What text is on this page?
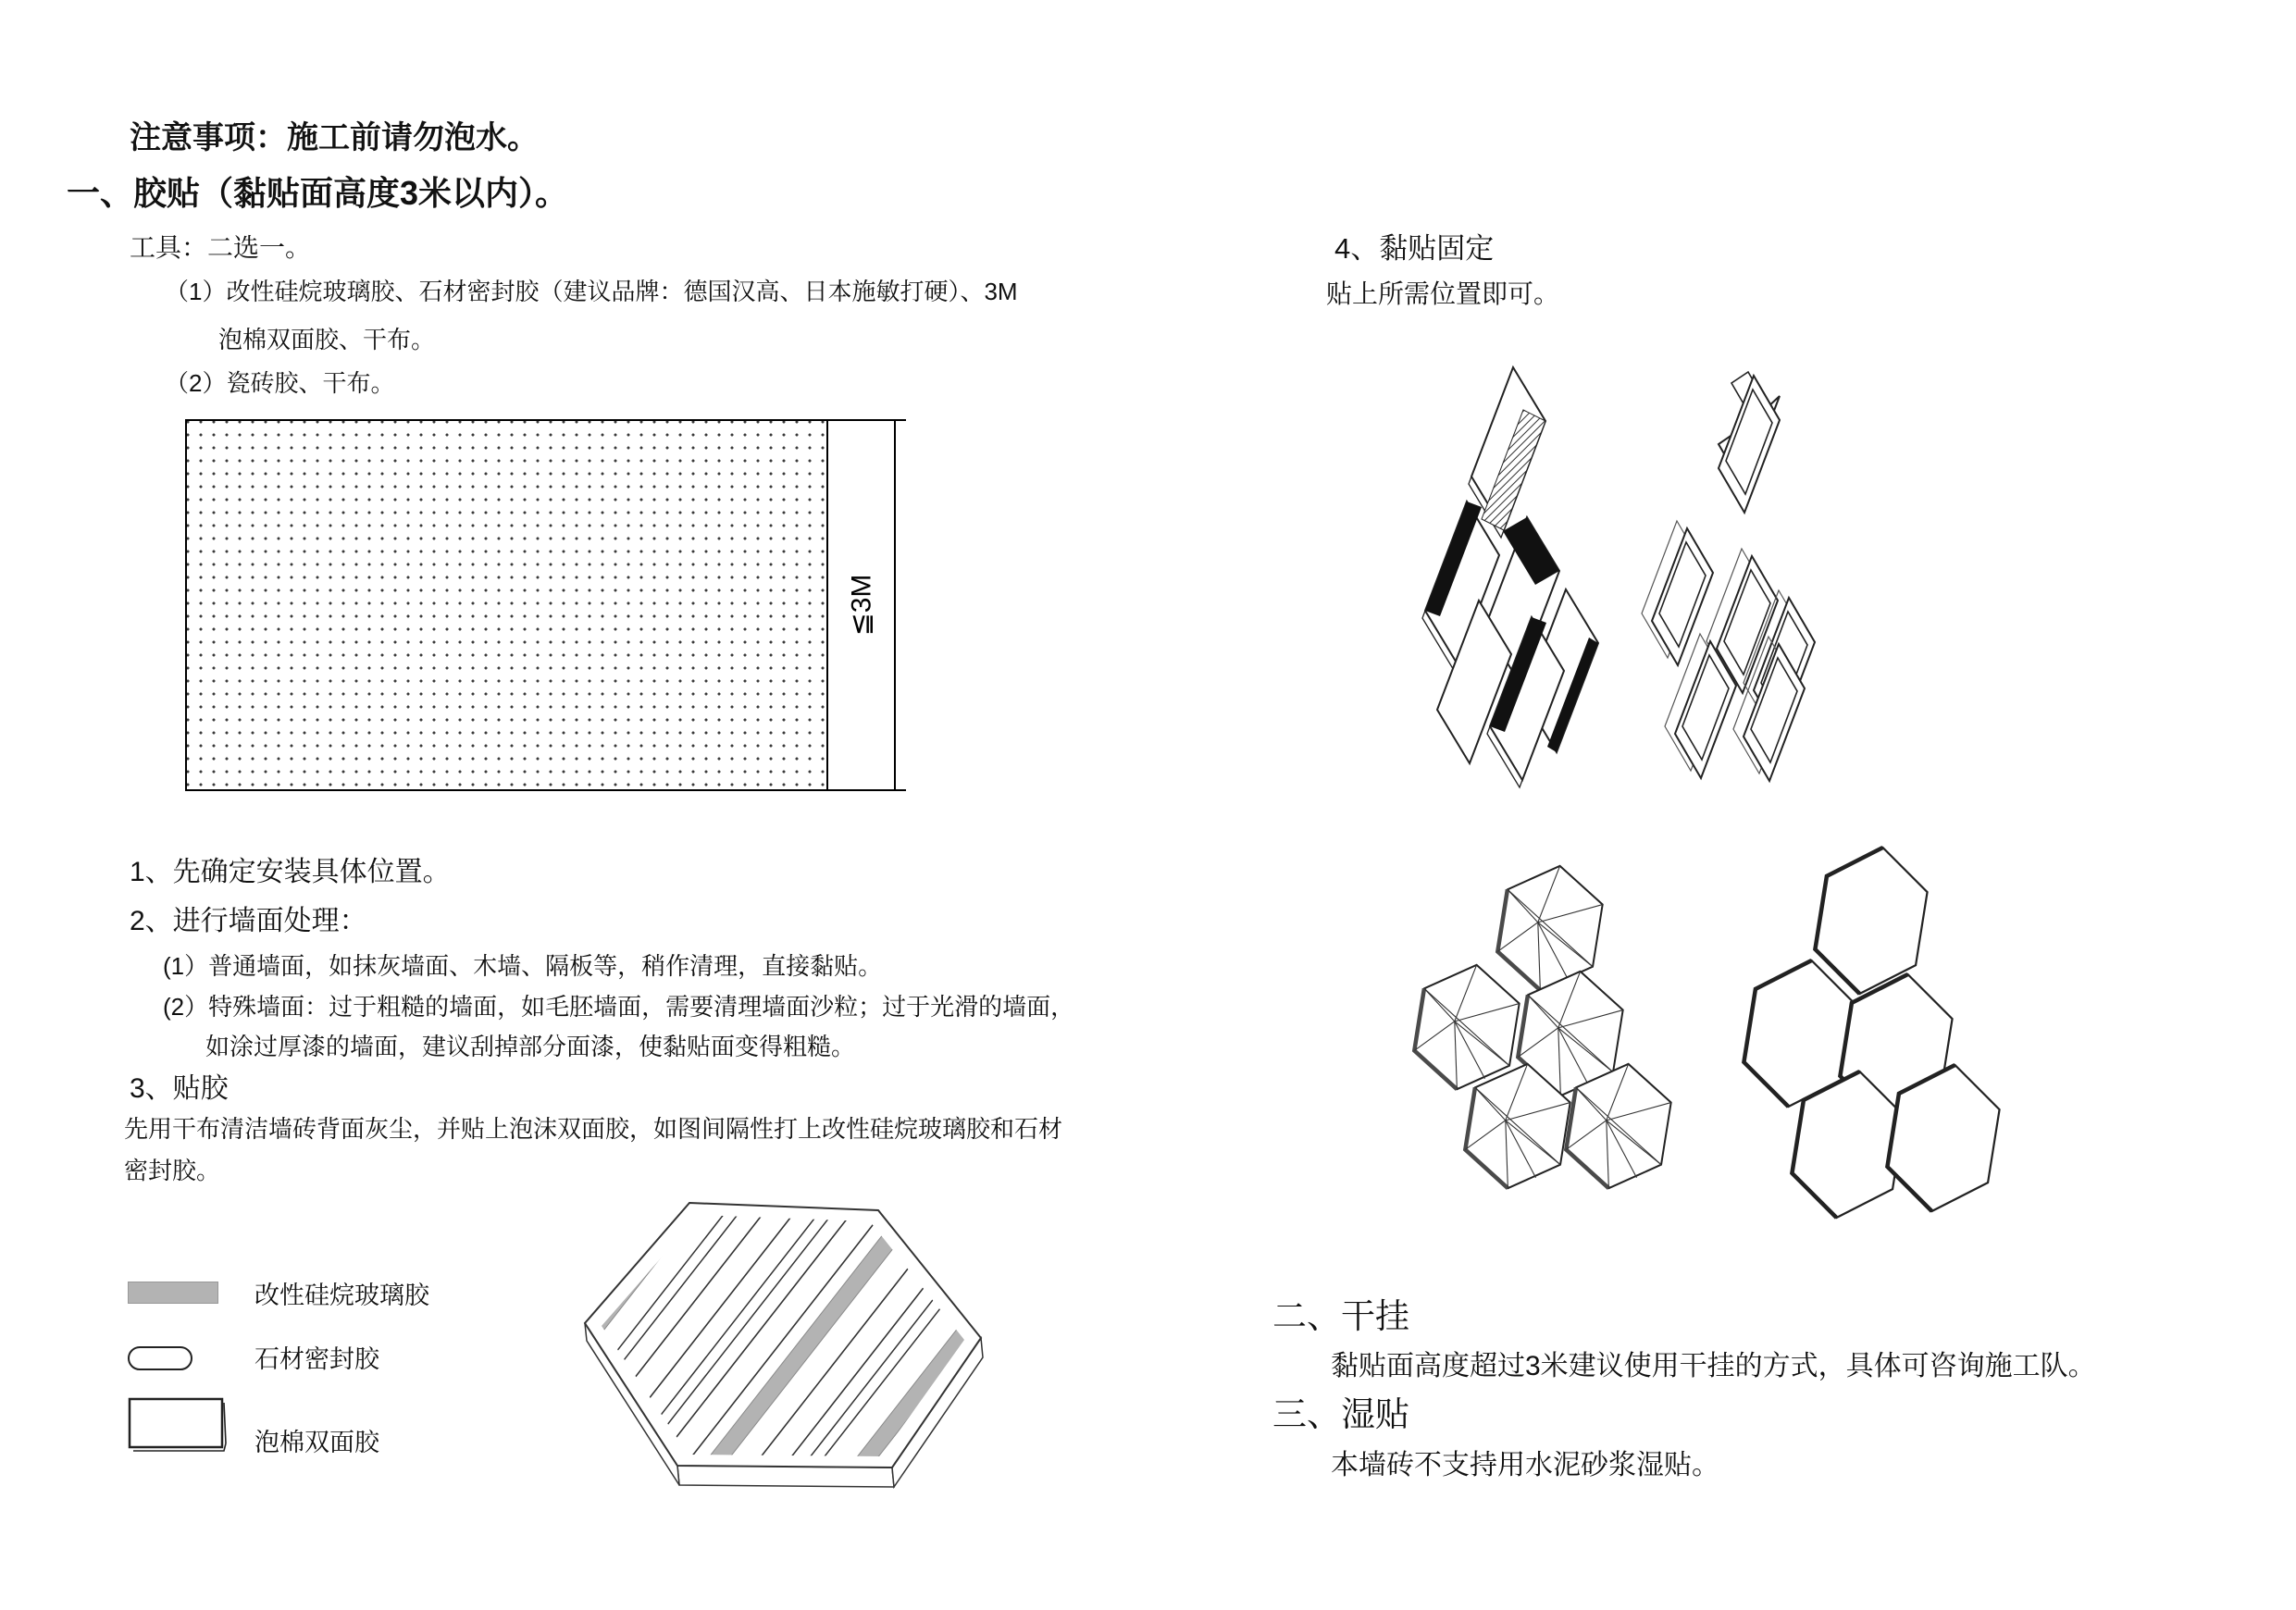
注意事项：施工前请勿泡水。
一、胶贴（黏贴面高度3米以内）。
工具：二选一。
（1）改性硅烷玻璃胶、石材密封胶（建议品牌：德国汉高、日本施敏打硬）、3M
泡棉双面胶、干布。
（2）瓷砖胶、干布。
≦3M
1、先确定安装具体位置。
2、进行墙面处理：
(1）普通墙面，如抹灰墙面、木墙、隔板等，稍作清理，直接黏贴。
(2）特殊墙面：过于粗糙的墙面，如毛胚墙面，需要清理墙面沙粒；过于光滑的墙面，
如涂过厚漆的墙面，建议刮掉部分面漆，使黏贴面变得粗糙。
3、贴胶
先用干布清洁墙砖背面灰尘，并贴上泡沫双面胶，如图间隔性打上改性硅烷玻璃胶和石材
密封胶。
改性硅烷玻璃胶
石材密封胶
泡棉双面胶
4、黏贴固定
贴上所需位置即可。
二、干挂
黏贴面高度超过3米建议使用干挂的方式，具体可咨询施工队。
三、湿贴
本墙砖不支持用水泥砂浆湿贴。
